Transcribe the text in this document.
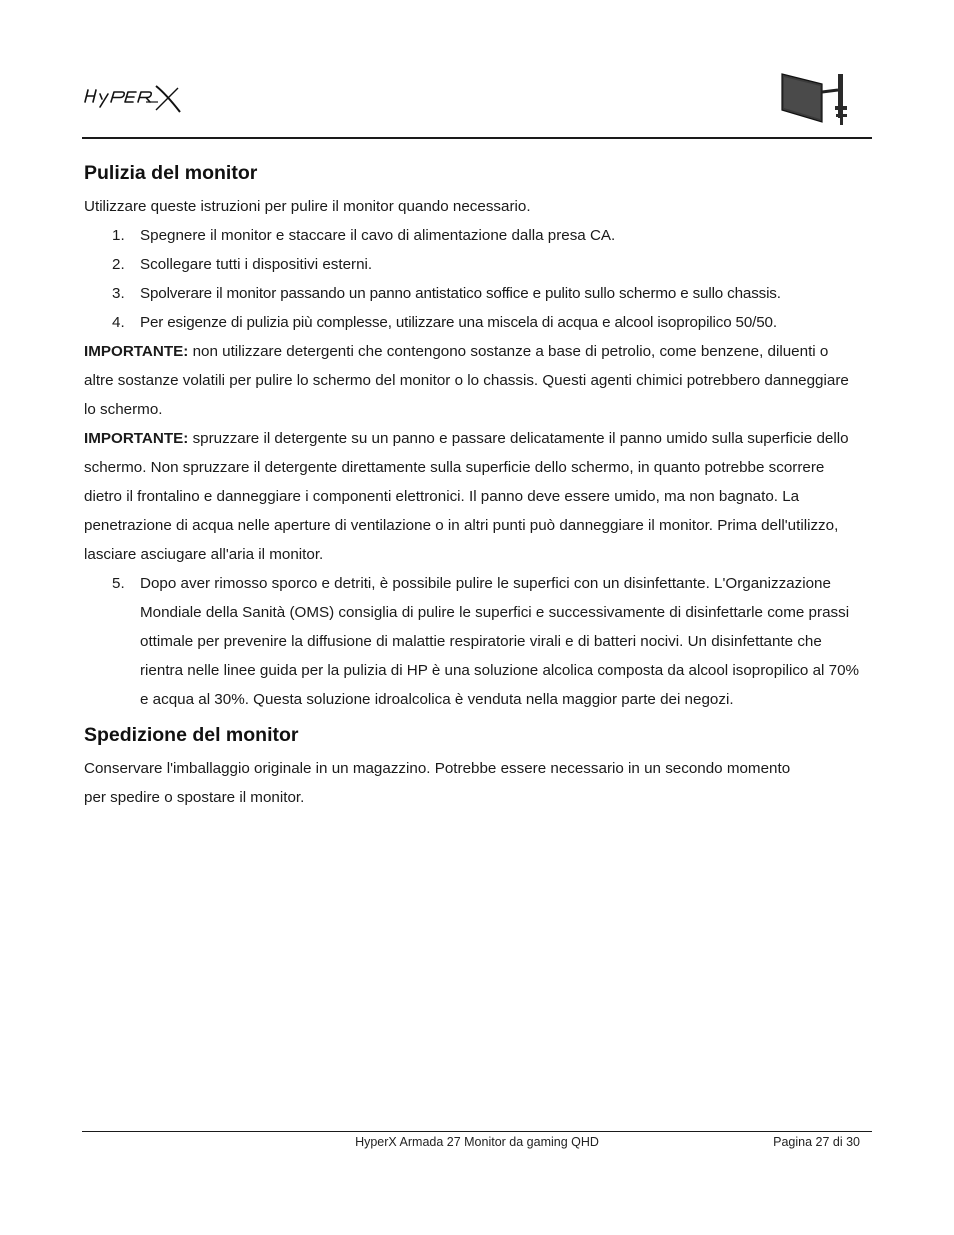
Pulizia del monitor

Utilizzare queste istruzioni per pulire il monitor quando necessario.

1. Spegnere il monitor e staccare il cavo di alimentazione dalla presa CA.
2. Scollegare tutti i dispositivi esterni.
3. Spolverare il monitor passando un panno antistatico soffice e pulito sullo schermo e sullo chassis.
4. Per esigenze di pulizia più complesse, utilizzare una miscela di acqua e alcool isopropilico 50/50.

IMPORTANTE: non utilizzare detergenti che contengono sostanze a base di petrolio, come benzene, diluenti o altre sostanze volatili per pulire lo schermo del monitor o lo chassis. Questi agenti chimici potrebbero danneggiare lo schermo.

IMPORTANTE: spruzzare il detergente su un panno e passare delicatamente il panno umido sulla superficie dello schermo. Non spruzzare il detergente direttamente sulla superficie dello schermo, in quanto potrebbe scorrere dietro il frontalino e danneggiare i componenti elettronici. Il panno deve essere umido, ma non bagnato. La penetrazione di acqua nelle aperture di ventilazione o in altri punti può danneggiare il monitor. Prima dell'utilizzo, lasciare asciugare all'aria il monitor.

5. Dopo aver rimosso sporco e detriti, è possibile pulire le superfici con un disinfettante. L'Organizzazione Mondiale della Sanità (OMS) consiglia di pulire le superfici e successivamente di disinfettarle come prassi ottimale per prevenire la diffusione di malattie respiratorie virali e di batteri nocivi. Un disinfettante che rientra nelle linee guida per la pulizia di HP è una soluzione alcolica composta da alcool isopropilico al 70% e acqua al 30%. Questa soluzione idroalcolica è venduta nella maggior parte dei negozi.
Spedizione del monitor

Conservare l'imballaggio originale in un magazzino. Potrebbe essere necessario in un secondo momento per spedire o spostare il monitor.

HyperX Armada 27 Monitor da gaming QHD	Pagina 27 di 30
